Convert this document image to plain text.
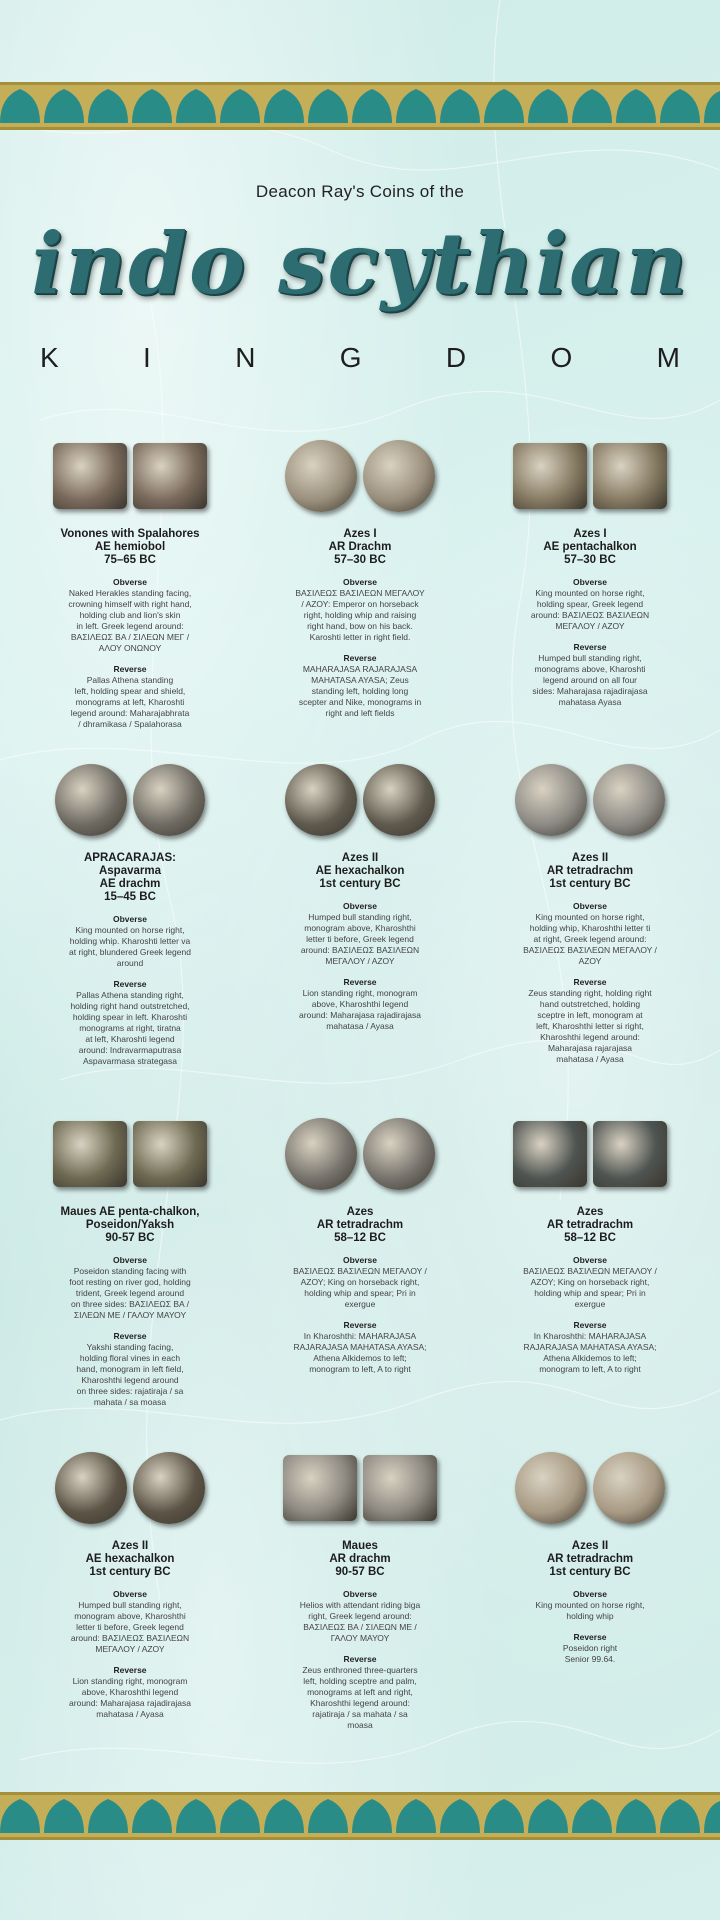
Deacon Ray's Coins of the
indo scythian
K	I	N	G	D	O	M
Vonones with Spalahores
AE hemiobol
75–65 BC
Obverse
Naked Herakles standing facing,
crowning himself with right hand,
holding club and lion's skin
in left. Greek legend around:
ΒΑΣΙΛΕΩΣ ΒΑ / ΣΙΛΕΩΝ ΜΕΓ /
ΑΛΟΥ ΟΝΩΝΟΥ
Reverse
Pallas Athena standing
left, holding spear and shield,
monograms at left, Kharoshti
legend around: Maharajabhrata
/ dhramikasa / Spalahorasa
Azes I
AR Drachm
57–30 BC
Obverse
ΒΑΣΙΛΕΩΣ ΒΑΣΙΛΕΩΝ ΜΕΓΑΛΟΥ
/ ΑΖΟΥ: Emperor on horseback
right, holding whip and raising
right hand, bow on his back.
Karoshti letter in right field.
Reverse
MAHARAJASA RAJARAJASA
MAHATASA AYASA; Zeus
standing left, holding long
scepter and Nike, monograms in
right and left fields
Azes I
AE pentachalkon
57–30 BC
Obverse
King mounted on horse right,
holding spear, Greek legend
around: ΒΑΣΙΛΕΩΣ ΒΑΣΙΛΕΩΝ
ΜΕΓΑΛΟΥ / ΑΖΟΥ
Reverse
Humped bull standing right,
monograms above, Kharoshti
legend around on all four
sides: Maharajasa rajadirajasa
mahatasa Ayasa
APRACARAJAS:
Aspavarma
AE drachm
15–45 BC
Obverse
King mounted on horse right,
holding whip. Kharoshti letter va
at right, blundered Greek legend
around
Reverse
Pallas Athena standing right,
holding right hand outstretched,
holding spear in left. Kharoshti
monograms at right, tiratna
at left, Kharoshti legend
around: Indravarmaputrasa
Aspavarmasa strategasa
Azes II
AE hexachalkon
1st century BC
Obverse
Humped bull standing right,
monogram above, Kharoshthi
letter ti before, Greek legend
around: ΒΑΣΙΛΕΩΣ ΒΑΣΙΛΕΩΝ
ΜΕΓΑΛΟΥ / ΑΖΟΥ
Reverse
Lion standing right, monogram
above, Kharoshthi legend
around: Maharajasa rajadirajasa
mahatasa / Ayasa
Azes II
AR tetradrachm
1st century BC
Obverse
King mounted on horse right,
holding whip, Kharoshthi letter ti
at right, Greek legend around:
ΒΑΣΙΛΕΩΣ ΒΑΣΙΛΕΩΝ ΜΕΓΑΛΟΥ /
ΑΖΟΥ
Reverse
Zeus standing right, holding right
hand outstretched, holding
sceptre in left, monogram at
left, Kharoshthi letter si right,
Kharoshthi legend around:
Maharajasa rajarajasa
mahatasa / Ayasa
Maues AE penta-chalkon,
Poseidon/Yaksh
90-57 BC
Obverse
Poseidon standing facing with
foot resting on river god, holding
trident, Greek legend around
on three sides: ΒΑΣΙΛΕΩΣ ΒΑ /
ΣΙΛΕΩΝ ΜΕ / ΓΑΛΟΥ ΜΑΥΟΥ
Reverse
Yakshi standing facing,
holding floral vines in each
hand, monogram in left field,
Kharoshthi legend around
on three sides: rajatiraja / sa
mahata / sa moasa
Azes
AR tetradrachm
58–12 BC
Obverse
ΒΑΣΙΛΕΩΣ ΒΑΣΙΛΕΩΝ ΜΕΓΑΛΟΥ /
ΑΖΟΥ; King on horseback right,
holding whip and spear; Pri in
exergue
Reverse
In Kharoshthi: MAHARAJASA
RAJARAJASA MAHATASA AYASA;
Athena Alkidemos to left;
monogram to left, A to right
Azes
AR tetradrachm
58–12 BC
Obverse
ΒΑΣΙΛΕΩΣ ΒΑΣΙΛΕΩΝ ΜΕΓΑΛΟΥ /
ΑΖΟΥ; King on horseback right,
holding whip and spear; Pri in
exergue
Reverse
In Kharoshthi: MAHARAJASA
RAJARAJASA MAHATASA AYASA;
Athena Alkidemos to left;
monogram to left, A to right
Azes II
AE hexachalkon
1st century BC
Obverse
Humped bull standing right,
monogram above, Kharoshthi
letter ti before, Greek legend
around: ΒΑΣΙΛΕΩΣ ΒΑΣΙΛΕΩΝ
ΜΕΓΑΛΟΥ / ΑΖΟΥ
Reverse
Lion standing right, monogram
above, Kharoshthi legend
around: Maharajasa rajadirajasa
mahatasa / Ayasa
Maues
AR drachm
90-57 BC
Obverse
Helios with attendant riding biga
right, Greek legend around:
ΒΑΣΙΛΕΩΣ ΒΑ / ΣΙΛΕΩΝ ΜΕ /
ΓΑΛΟΥ ΜΑΥΟΥ
Reverse
Zeus enthroned three-quarters
left, holding sceptre and palm,
monograms at left and right,
Kharoshthi legend around:
rajatiraja / sa mahata / sa
moasa
Azes II
AR tetradrachm
1st century BC
Obverse
King mounted on horse right,
holding whip
Reverse
Poseidon right
Senior 99.64.
